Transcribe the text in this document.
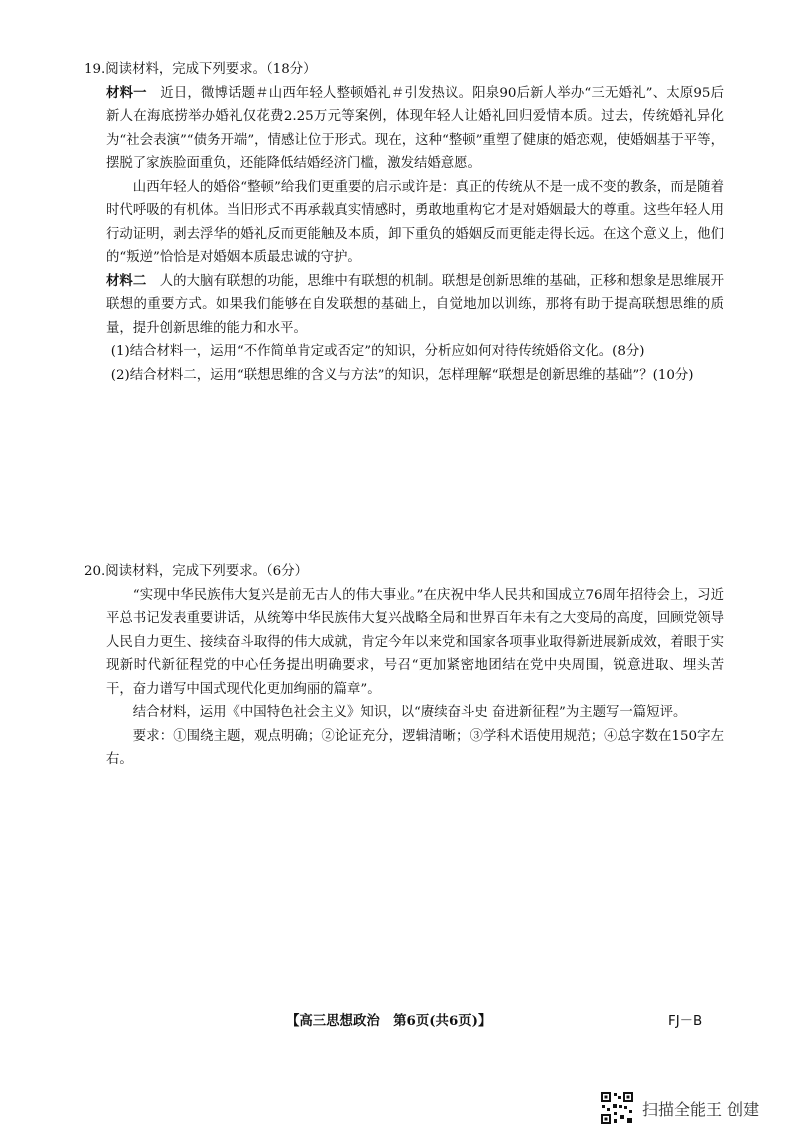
19.阅读材料，完成下列要求。（18分）

材料一　近日，微博话题＃山西年轻人整顿婚礼＃引发热议。阳泉90后新人举办“三无婚礼”、太原95后新人在海底捞举办婚礼仅花费2.25万元等案例，体现年轻人让婚礼回归爱情本质。过去，传统婚礼异化为“社会表演”“债务开端”，情感让位于形式。现在，这种“整顿”重塑了健康的婚恋观，使婚姻基于平等，摆脱了家族脸面重负，还能降低结婚经济门槛，激发结婚意愿。

山西年轻人的婚俗“整顿”给我们更重要的启示或许是：真正的传统从不是一成不变的教条，而是随着时代呼吸的有机体。当旧形式不再承载真实情感时，勇敢地重构它才是对婚姻最大的尊重。这些年轻人用行动证明，剥去浮华的婚礼反而更能触及本质，卸下重负的婚姻反而更能走得长远。在这个意义上，他们的“叛逆”恰恰是对婚姻本质最忠诚的守护。

材料二　人的大脑有联想的功能，思维中有联想的机制。联想是创新思维的基础，正移和想象是思维展开联想的重要方式。如果我们能够在自发联想的基础上，自觉地加以训练，那将有助于提高联想思维的质量，提升创新思维的能力和水平。

(1)结合材料一，运用“不作简单肯定或否定”的知识，分析应如何对待传统婚俗文化。(8分)

(2)结合材料二，运用“联想思维的含义与方法”的知识，怎样理解“联想是创新思维的基础”？(10分)

20.阅读材料，完成下列要求。（6分）

“实现中华民族伟大复兴是前无古人的伟大事业。”在庆祝中华人民共和国成立76周年招待会上，习近平总书记发表重要讲话，从统筹中华民族伟大复兴战略全局和世界百年未有之大变局的高度，回顾党领导人民自力更生、接续奋斗取得的伟大成就，肯定今年以来党和国家各项事业取得新进展新成效，着眼于实现新时代新征程党的中心任务提出明确要求，号召“更加紧密地团结在党中央周围，锐意进取、埋头苦干，奋力谱写中国式现代化更加绚丽的篇章”。

结合材料，运用《中国特色社会主义》知识，以“赓续奋斗史 奋进新征程”为主题写一篇短评。

要求：①围绕主题，观点明确；②论证充分，逻辑清晰；③学科术语使用规范；④总字数在150字左右。

【高三思想政治　第6页(共6页)】	FJ－B
扫描全能王 创建
